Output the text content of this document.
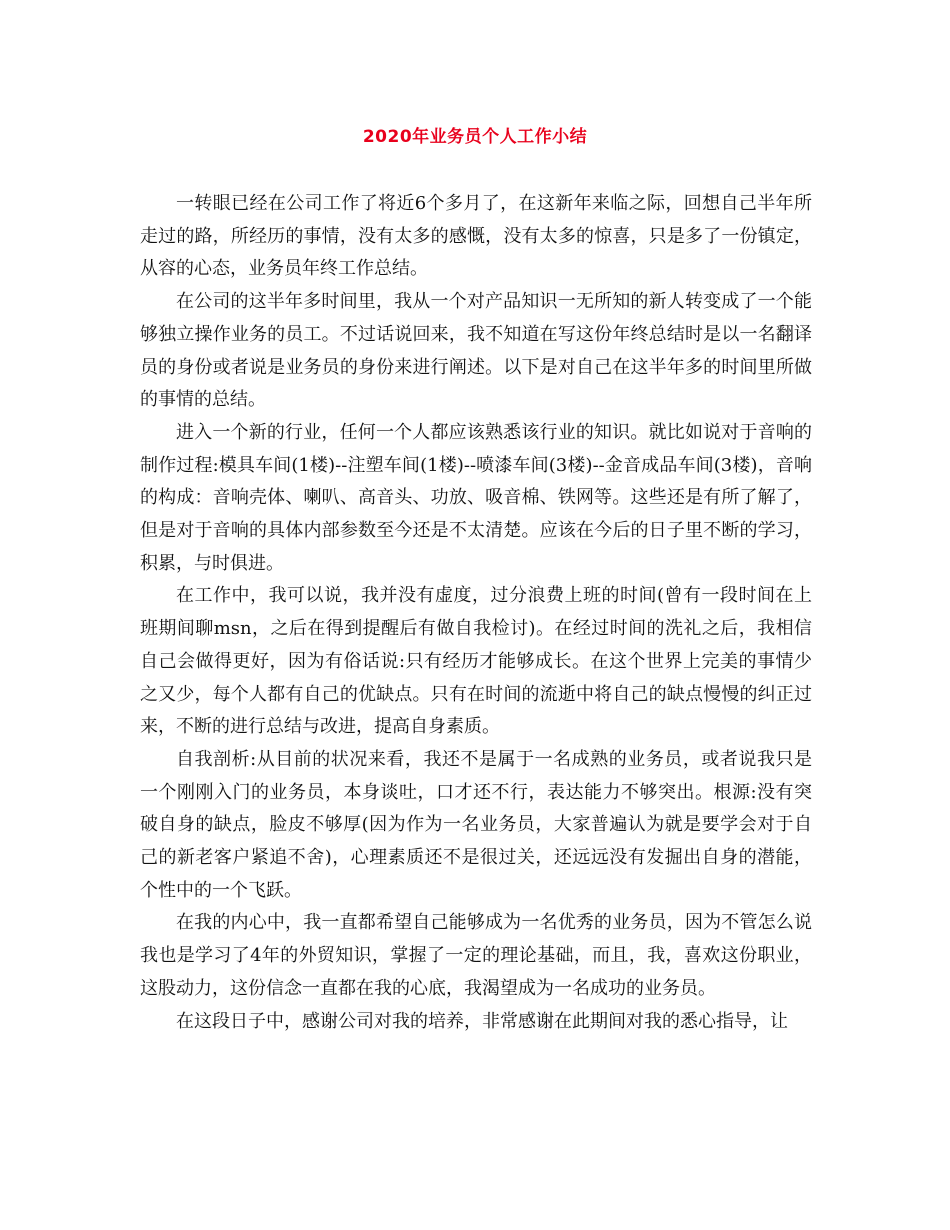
2020年业务员个人工作小结

一转眼已经在公司工作了将近6个多月了，在这新年来临之际，回想自己半年所走过的路，所经历的事情，没有太多的感慨，没有太多的惊喜，只是多了一份镇定，从容的心态，业务员年终工作总结。

在公司的这半年多时间里，我从一个对产品知识一无所知的新人转变成了一个能够独立操作业务的员工。不过话说回来，我不知道在写这份年终总结时是以一名翻译员的身份或者说是业务员的身份来进行阐述。以下是对自己在这半年多的时间里所做的事情的总结。

进入一个新的行业，任何一个人都应该熟悉该行业的知识。就比如说对于音响的制作过程:模具车间(1楼)--注塑车间(1楼)--喷漆车间(3楼)--金音成品车间(3楼)，音响的构成：音响壳体、喇叭、高音头、功放、吸音棉、铁网等。这些还是有所了解了，但是对于音响的具体内部参数至今还是不太清楚。应该在今后的日子里不断的学习，积累，与时俱进。

在工作中，我可以说，我并没有虚度，过分浪费上班的时间(曾有一段时间在上班期间聊msn，之后在得到提醒后有做自我检讨)。在经过时间的洗礼之后，我相信自己会做得更好，因为有俗话说:只有经历才能够成长。在这个世界上完美的事情少之又少，每个人都有自己的优缺点。只有在时间的流逝中将自己的缺点慢慢的纠正过来，不断的进行总结与改进，提高自身素质。

自我剖析:从目前的状况来看，我还不是属于一名成熟的业务员，或者说我只是一个刚刚入门的业务员，本身谈吐，口才还不行，表达能力不够突出。根源:没有突破自身的缺点，脸皮不够厚(因为作为一名业务员，大家普遍认为就是要学会对于自己的新老客户紧追不舍)，心理素质还不是很过关，还远远没有发掘出自身的潜能，个性中的一个飞跃。

在我的内心中，我一直都希望自己能够成为一名优秀的业务员，因为不管怎么说我也是学习了4年的外贸知识，掌握了一定的理论基础，而且，我，喜欢这份职业，这股动力，这份信念一直都在我的心底，我渴望成为一名成功的业务员。

在这段日子中，感谢公司对我的培养，非常感谢在此期间对我的悉心指导，让
